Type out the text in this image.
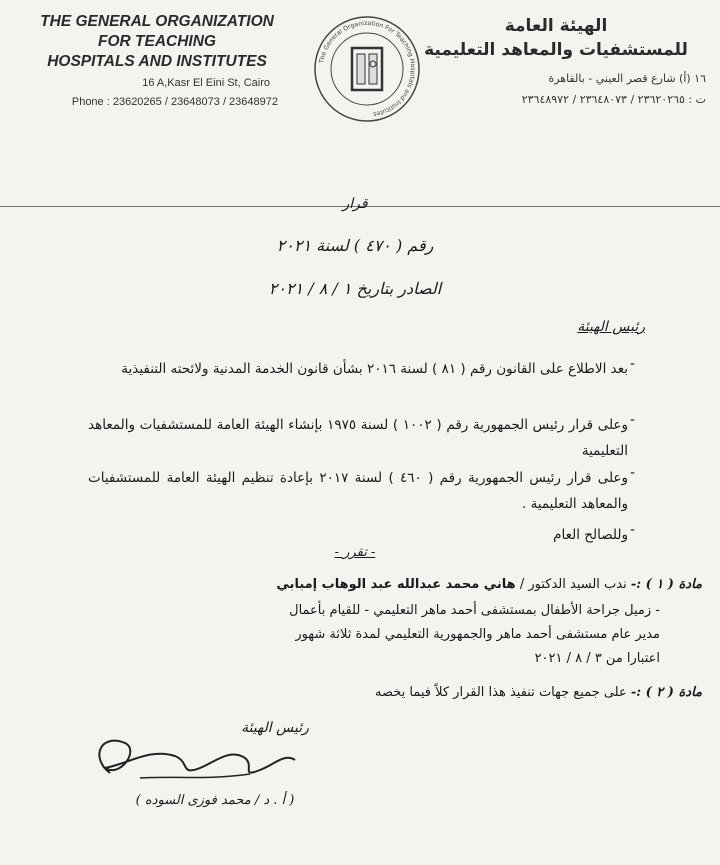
THE GENERAL ORGANIZATION
FOR TEACHING
HOSPITALS AND INSTITUTES
16 A,Kasr El Eini St, Cairo
Phone : 23620265 / 23648073 / 23648972
The General Organization For Teaching Hospitals and Institutes
الهيئة العامة
للمستشفيات والمعاهد التعليمية
١٦ (أ) شارع قصر العيني - بالقاهرة
ت : ٢٣٦٢٠٢٦٥ / ٢٣٦٤٨٠٧٣ / ٢٣٦٤٨٩٧٢
قرار
رقم ( ٤٧٠ ) لسنة ٢٠٢١
الصادر بتاريخ ١ / ٨ / ٢٠٢١
رئيس الهيئة
-
بعد الاطلاع على القانون رقم ( ٨١ ) لسنة ٢٠١٦ بشأن قانون الخدمة المدنية ولائحته التنفيذية
-
وعلى قرار رئيس الجمهورية رقم ( ١٠٠٢ ) لسنة ١٩٧٥ بإنشاء الهيئة العامة للمستشفيات والمعاهد التعليمية
-
وعلى قرار رئيس الجمهورية رقم ( ٤٦٠ ) لسنة ٢٠١٧ بإعادة تنظيم الهيئة العامة للمستشفيات والمعاهد التعليمية .
-
وللصالح العام
- تقرر -
مادة ( ١ ) :- ندب السيد الدكتور / هاني محمد عبدالله عبد الوهاب إمبابي
- زميل جراحة الأطفال بمستشفى أحمد ماهر التعليمي - للقيام بأعمال
مدير عام مستشفى أحمد ماهر والجمهورية التعليمي لمدة ثلاثة شهور
اعتبارا من ٣ / ٨ / ٢٠٢١
مادة ( ٢ ) :- على جميع جهات تنفيذ هذا القرار كلاً فيما يخصه
رئيس الهيئة
( أ . د / محمد فوزى السوده )
